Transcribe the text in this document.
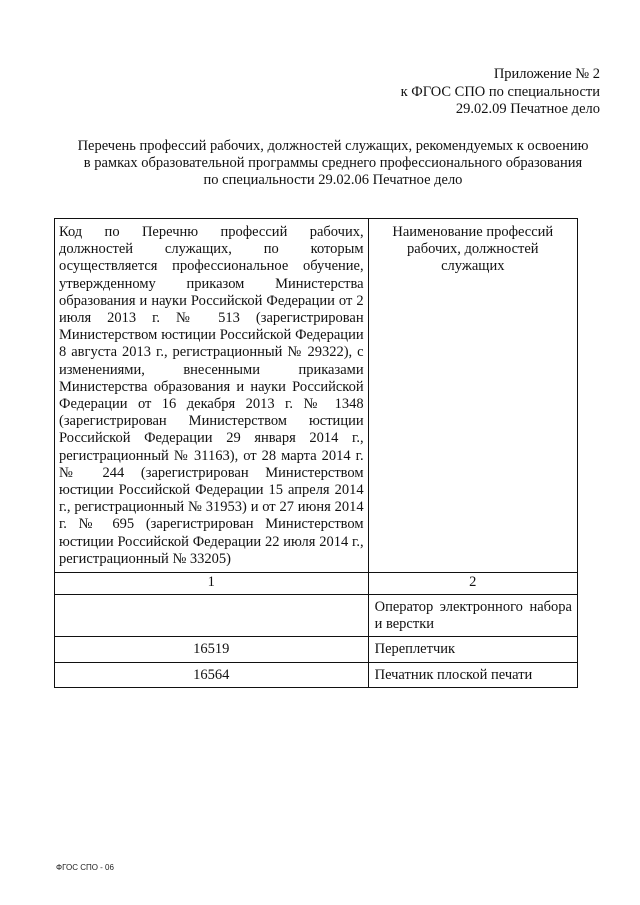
Приложение № 2
к ФГОС СПО по специальности
29.02.09 Печатное дело
Перечень профессий рабочих, должностей служащих, рекомендуемых к освоению
в рамках образовательной программы среднего профессионального образования
по специальности 29.02.06 Печатное дело
Код по Перечню профессий рабочих, должностей служащих, по которым осуществляется профессиональное обучение, утвержденному приказом Министерства образования и науки Российской Федерации от 2 июля 2013 г. № 513 (зарегистрирован Министерством юстиции Российской Федерации 8 августа 2013 г., регистрационный № 29322), с изменениями, внесенными приказами Министерства образования и науки Российской Федерации от 16 декабря 2013 г. № 1348 (зарегистрирован Министерством юстиции Российской Федерации 29 января 2014 г., регистрационный № 31163), от 28 марта 2014 г. № 244 (зарегистрирован Министерством юстиции Российской Федерации 15 апреля 2014 г., регистрационный № 31953) и от 27 июня 2014 г. № 695 (зарегистрирован Министерством юстиции Российской Федерации 22 июля 2014 г., регистрационный № 33205)	Наименование профессий рабочих, должностей служащих
1	2
	Оператор электронного набора и верстки
16519	Переплетчик
16564	Печатник плоской печати
ФГОС СПО - 06
